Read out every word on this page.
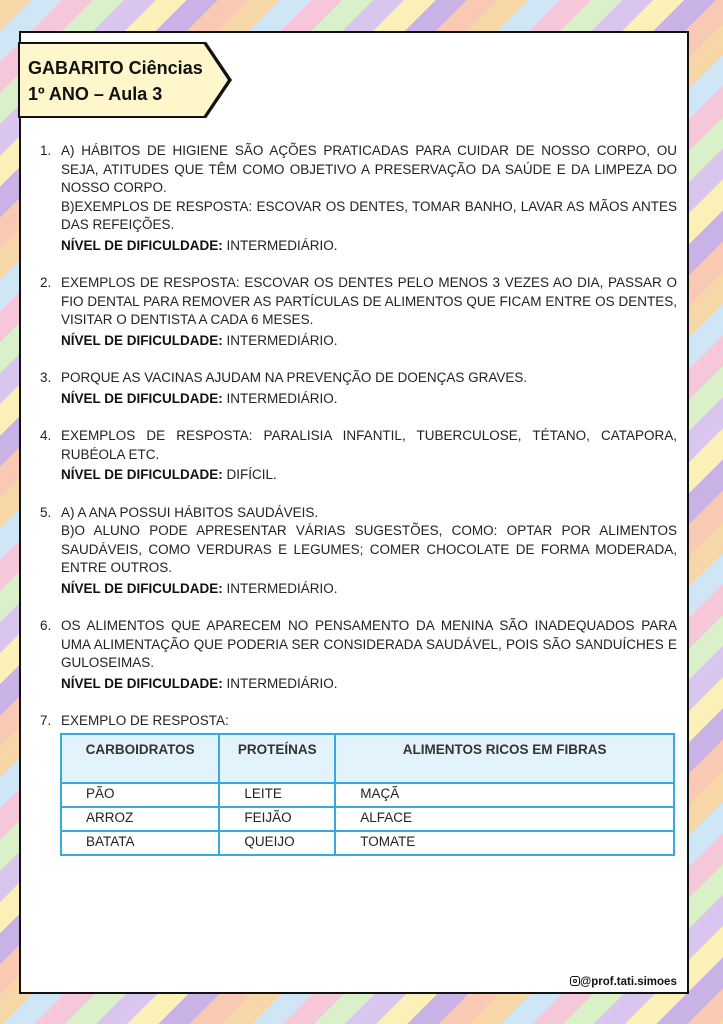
GABARITO Ciências
1º ANO – Aula 3
1. A) HÁBITOS DE HIGIENE SÃO AÇÕES PRATICADAS PARA CUIDAR DE NOSSO CORPO, OU SEJA, ATITUDES QUE TÊM COMO OBJETIVO A PRESERVAÇÃO DA SAÚDE E DA LIMPEZA DO NOSSO CORPO.

B)EXEMPLOS DE RESPOSTA: ESCOVAR OS DENTES, TOMAR BANHO, LAVAR AS MÃOS ANTES DAS REFEIÇÕES.

NÍVEL DE DIFICULDADE: INTERMEDIÁRIO.
2. EXEMPLOS DE RESPOSTA: ESCOVAR OS DENTES PELO MENOS 3 VEZES AO DIA, PASSAR O FIO DENTAL PARA REMOVER AS PARTÍCULAS DE ALIMENTOS QUE FICAM ENTRE OS DENTES, VISITAR O DENTISTA A CADA 6 MESES.

NÍVEL DE DIFICULDADE: INTERMEDIÁRIO.
3. PORQUE AS VACINAS AJUDAM NA PREVENÇÃO DE DOENÇAS GRAVES.

NÍVEL DE DIFICULDADE: INTERMEDIÁRIO.
4. EXEMPLOS DE RESPOSTA: PARALISIA INFANTIL, TUBERCULOSE, TÉTANO, CATAPORA, RUBÉOLA ETC.

NÍVEL DE DIFICULDADE: DIFÍCIL.
5. A) A ANA POSSUI HÁBITOS SAUDÁVEIS.

B)O ALUNO PODE APRESENTAR VÁRIAS SUGESTÕES, COMO: OPTAR POR ALIMENTOS SAUDÁVEIS, COMO VERDURAS E LEGUMES; COMER CHOCOLATE DE FORMA MODERADA, ENTRE OUTROS.

NÍVEL DE DIFICULDADE: INTERMEDIÁRIO.
6. OS ALIMENTOS QUE APARECEM NO PENSAMENTO DA MENINA SÃO INADEQUADOS PARA UMA ALIMENTAÇÃO QUE PODERIA SER CONSIDERADA SAUDÁVEL, POIS SÃO SANDUÍCHES E GULOSEIMAS.

NÍVEL DE DIFICULDADE: INTERMEDIÁRIO.
7. EXEMPLO DE RESPOSTA:

CARBOIDRATOS	PROTEÍNAS	ALIMENTOS RICOS EM FIBRAS
PÃO	LEITE	MAÇÃ
ARROZ	FEIJÃO	ALFACE
BATATA	QUEIJO	TOMATE
@prof.tati.simoes
